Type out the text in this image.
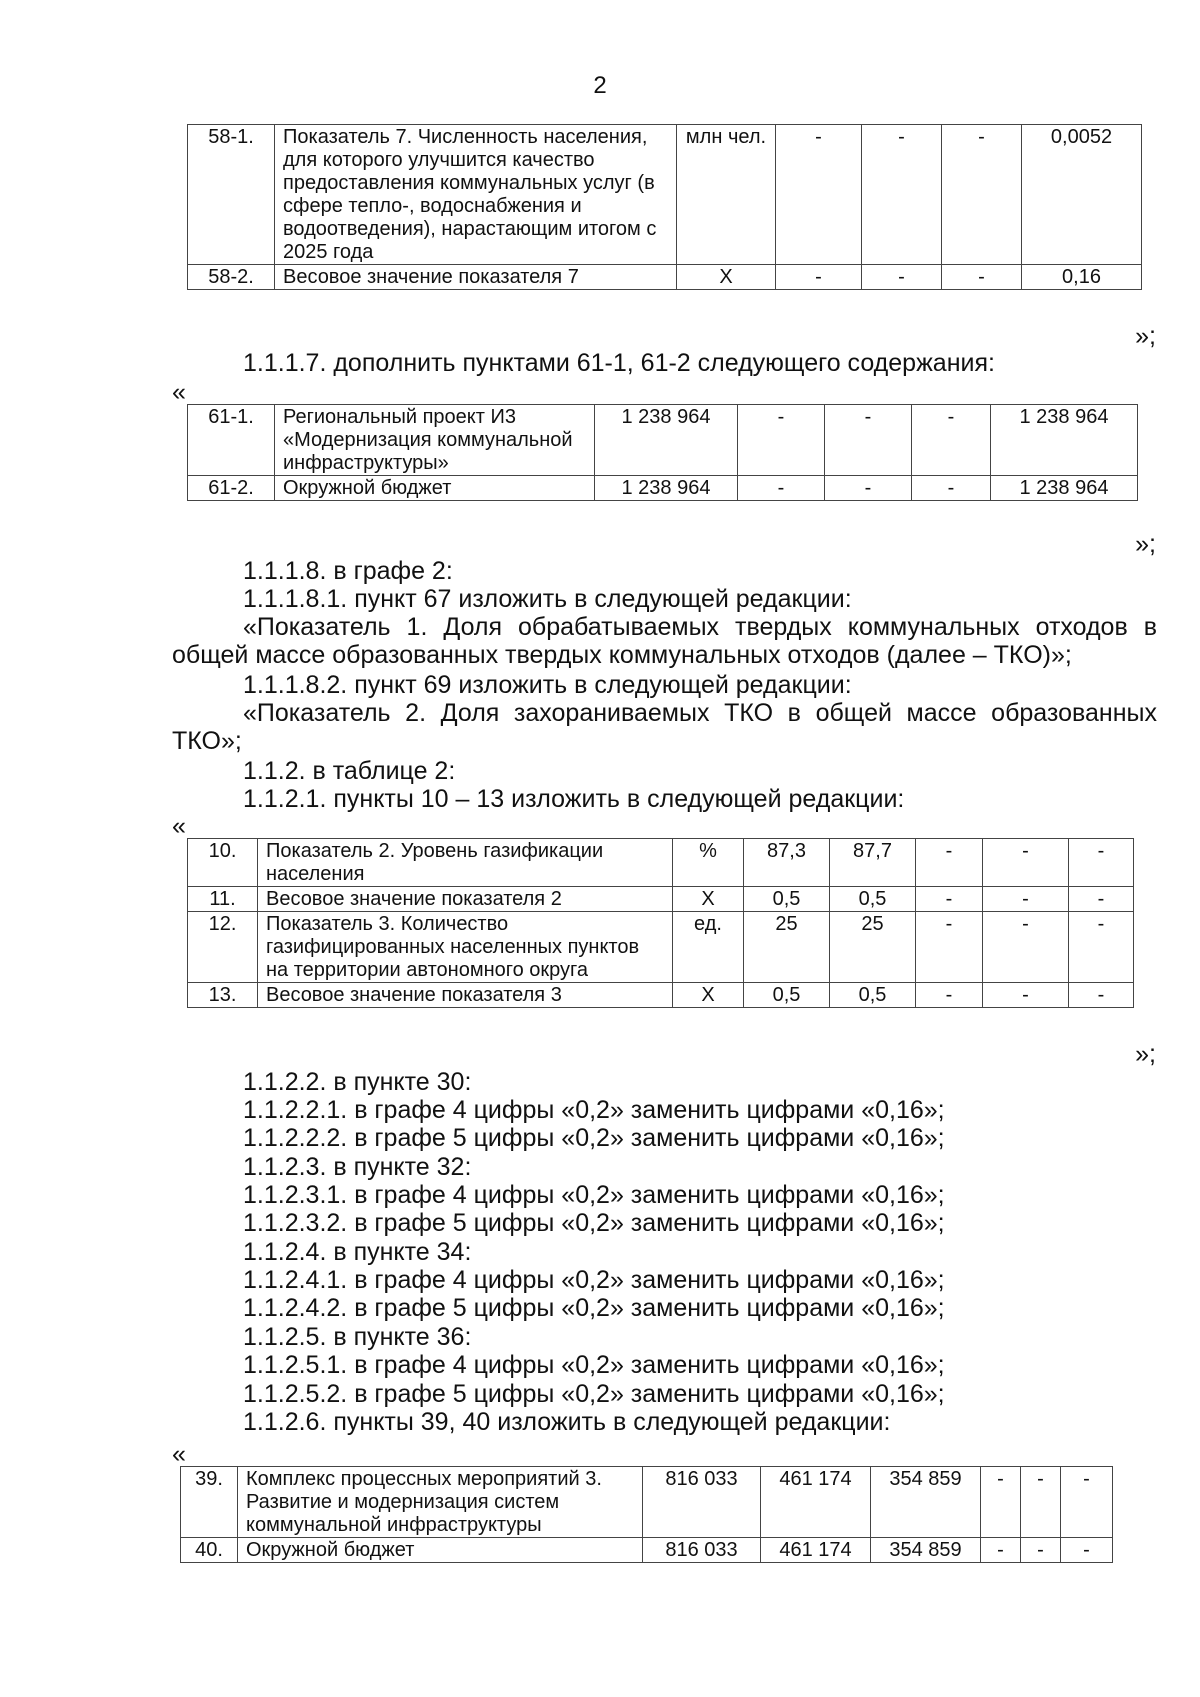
2
58-1.	Показатель 7. Численность населения, для которого улучшится качество предоставления коммунальных услуг (в сфере тепло-, водоснабжения и водоотведения), нарастающим итогом с 2025 года	млн чел.	-	-	-	0,0052
58-2.	Весовое значение показателя 7	Х	-	-	-	0,16
»;
1.1.1.7. дополнить пунктами 61-1, 61-2 следующего содержания:
«
61-1.	Региональный проект И3 «Модернизация коммунальной инфраструктуры»	1 238 964	-	-	-	1 238 964
61-2.	Окружной бюджет	1 238 964	-	-	-	1 238 964
»;
1.1.1.8. в графе 2:
1.1.1.8.1. пункт 67 изложить в следующей редакции:
«Показатель 1. Доля обрабатываемых твердых коммунальных отходов в общей массе образованных твердых коммунальных отходов (далее – ТКО)»;
1.1.1.8.2. пункт 69 изложить в следующей редакции:
«Показатель 2. Доля захораниваемых ТКО в общей массе образованных ТКО»;
1.1.2. в таблице 2:
1.1.2.1. пункты 10 – 13 изложить в следующей редакции:
«
10.	Показатель 2. Уровень газификации населения	%	87,3	87,7	-	-	-
11.	Весовое значение показателя 2	Х	0,5	0,5	-	-	-
12.	Показатель 3. Количество газифицированных населенных пунктов на территории автономного округа	ед.	25	25	-	-	-
13.	Весовое значение показателя 3	Х	0,5	0,5	-	-	-
»;
1.1.2.2. в пункте 30:
1.1.2.2.1. в графе 4 цифры «0,2» заменить цифрами «0,16»;
1.1.2.2.2. в графе 5 цифры «0,2» заменить цифрами «0,16»;
1.1.2.3. в пункте 32:
1.1.2.3.1. в графе 4 цифры «0,2» заменить цифрами «0,16»;
1.1.2.3.2. в графе 5 цифры «0,2» заменить цифрами «0,16»;
1.1.2.4. в пункте 34:
1.1.2.4.1. в графе 4 цифры «0,2» заменить цифрами «0,16»;
1.1.2.4.2. в графе 5 цифры «0,2» заменить цифрами «0,16»;
1.1.2.5. в пункте 36:
1.1.2.5.1. в графе 4 цифры «0,2» заменить цифрами «0,16»;
1.1.2.5.2. в графе 5 цифры «0,2» заменить цифрами «0,16»;
1.1.2.6. пункты 39, 40 изложить в следующей редакции:
«
39.	Комплекс процессных мероприятий 3. Развитие и модернизация систем коммунальной инфраструктуры	816 033	461 174	354 859	-	-	-
40.	Окружной бюджет	816 033	461 174	354 859	-	-	-
